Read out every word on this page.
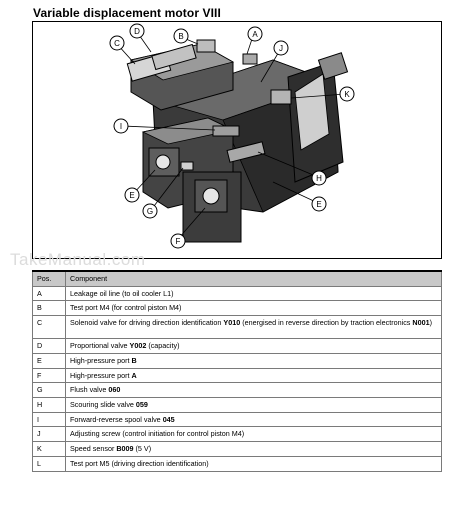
Variable displacement motor VIII
B
D
C
A
J
K
I
H
E
E
G
F
TakeManual.com
Pos.	Component
A	Leakage oil line (to oil cooler L1)
B	Test port M4 (for control piston M4)
C	Solenoid valve for driving direction identification Y010 (energised in reverse direction by traction electronics N001)
D	Proportional valve Y002 (capacity)
E	High-pressure port B
F	High-pressure port A
G	Flush valve 060
H	Scouring slide valve 059
I	Forward-reverse spool valve 045
J	Adjusting screw (control initiation for control piston M4)
K	Speed sensor B009 (5 V)
L	Test port M5 (driving direction identification)
